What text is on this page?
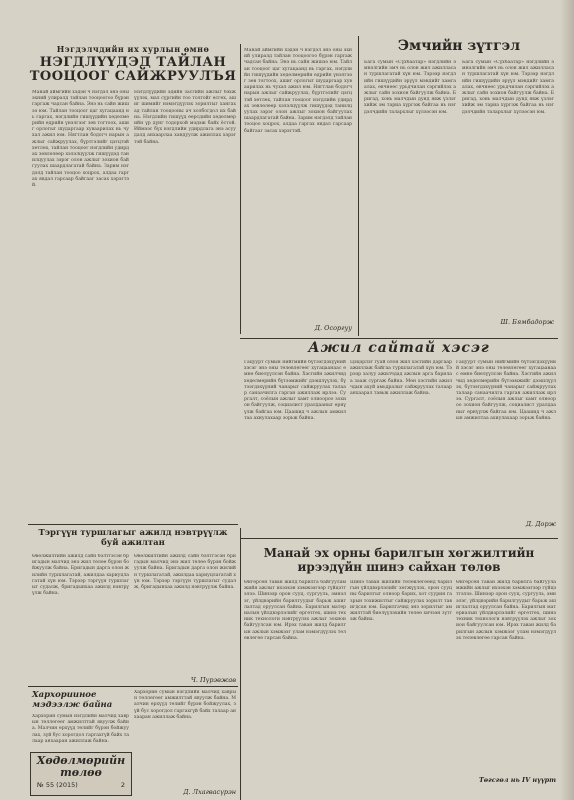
Нэгдэлчдийн их хурлын өмнө
НЭГДЛҮҮДЭД ТАЙЛАН
ТООЦООГ САЙЖРУУЛЪЯ
Манай аймгийн хэдэн ч нэгдэл энэ оны эхний улиралд тайлан тооцоогоо бүрэн гаргаж чадсан байна. Энэ нь сайн жишээ юм. Тайлан тооцоог цаг хугацаанд нь гаргах, нэгдлийн гишүүдийн хөдөлмөрийн өдрийн үнэлгээг зөв тогтоох, ашиг орлогыг шударгаар хуваарилах нь чухал ажил юм. Нягтлан бодогч нарын ажлыг сайжруулах, бүртгэлийг цэгцтэй хөтлөх, тайлан тооцоог нэгдлийн удирдах зөвлөлөөр хэлэлцүүлж гишүүдэд танилцуулах зэрэг олон ажлыг зохион байгуулах шаардлагатай байна. Зарим нэгдэлд тайлан тооцоо хоцрох, алдаа гаргах явдал гарсаар байгааг засах хэрэгтэй.
Нэгдлүүдийн эдийн засгийн ажлыг бэхжүүлэх, мал сүргийн тоо толгойг өсгөх, ашиг шимийг нэмэгдүүлэх зорилтыг хангахад тайлан тооцооны ач холбогдол их байна. Нэгдлийн гишүүд өөрсдийн хөдөлмөрийн үр дүнг тодорхой мэдэж байх ёстой. Иймээс бүх нэгдлийн удирдлага энэ асуудалд анхаарлаа хандуулж ажиллах хэрэгтэй байна.
Манай аймгийн хэдэн ч нэгдэл энэ оны эхний улиралд тайлан тооцоогоо бүрэн гаргаж чадсан байна. Энэ нь сайн жишээ юм. Тайлан тооцоог цаг хугацаанд нь гаргах, нэгдлийн гишүүдийн хөдөлмөрийн өдрийн үнэлгээг зөв тогтоох, ашиг орлогыг шударгаар хуваарилах нь чухал ажил юм. Нягтлан бодогч нарын ажлыг сайжруулах, бүртгэлийг цэгцтэй хөтлөх, тайлан тооцоог нэгдлийн удирдах зөвлөлөөр хэлэлцүүлж гишүүдэд танилцуулах зэрэг олон ажлыг зохион байгуулах шаардлагатай байна. Зарим нэгдэлд тайлан тооцоо хоцрох, алдаа гаргах явдал гарсаар байгааг засах хэрэгтэй.
Д. Осоргуу
Эмчийн зүтгэл
Бага сумын «Сүхбаатар» нэгдлийн эмнэлгийн эмч нь олон жил ажилласан туршлагатай хүн юм. Тэрээр нэгдлийн гишүүдийн эрүүл мэндийг хамгаалах, өвчнөөс урьдчилан сэргийлэх ажлыг сайн зохион байгуулж байна. Бригад, хонь малчдын дунд явж үзлэг хийж эм тариа хүргэж байгаа нь нэгдэлчдийн талархлыг хүлээсэн юм.
Бага сумын «Сүхбаатар» нэгдлийн эмнэлгийн эмч нь олон жил ажилласан туршлагатай хүн юм. Тэрээр нэгдлийн гишүүдийн эрүүл мэндийг хамгаалах, өвчнөөс урьдчилан сэргийлэх ажлыг сайн зохион байгуулж байна. Бригад, хонь малчдын дунд явж үзлэг хийж эм тариа хүргэж байгаа нь нэгдэлчдийн талархлыг хүлээсэн юм.
Ш. Бямбадорж
Ажил сайтай хэсэг
Гацуурт сумын нийгмийн бүтээгдэхүүний хэсэг энэ оны төлөвлөгөөг хугацаанаас өмнө биелүүлсэн байна. Хэсгийн ажилчид хөдөлмөрийн бүтээмжийг дээшлүүлэх, бүтээгдэхүүний чанарыг сайжруулах талаар санаачилга гарган ажиллаж ирлээ. Сургалт, соёлын ажлыг хамт олноороо зохион байгуулж, социалист уралдааныг өрнүүлж байгаа юм. Цаашид ч ажлын амжилтаа ахиулахаар зорьж байна.
Цэцэрлэг гуай олон жил хэсгийн даргаар ажиллаж байгаа туршлагатай хүн юм. Тэрээр залуу ажилчдад ажлын арга барилаа зааж сургаж байна. Мөн хэсгийн ажилчдын ахуй амьдралыг сайжруулах талаар анхаарал тавьж ажиллаж байна.
Гацуурт сумын нийгмийн бүтээгдэхүүний хэсэг энэ оны төлөвлөгөөг хугацаанаас өмнө биелүүлсэн байна. Хэсгийн ажилчид хөдөлмөрийн бүтээмжийг дээшлүүлэх, бүтээгдэхүүний чанарыг сайжруулах талаар санаачилга гарган ажиллаж ирлээ. Сургалт, соёлын ажлыг хамт олноороо зохион байгуулж, социалист уралдааныг өрнүүлж байгаа юм. Цаашид ч ажлын амжилтаа ахиулахаар зорьж байна.
Д. Дорж
Манай эх орны барилгын хөгжилтийн
ирээдүйн шинэ сайхан төлөв
Өнгөрсөн таван жилд барилга байгууламжийн ажлыг ихээхэн хэмжээгээр гүйцэтгэлээ. Шинээр орон сууц, сургууль, эмнэлэг, үйлдвэрийн барилгуудыг барьж ашиглалтад оруулсан байна. Барилгын материалын үйлдвэрлэлийг өргөтгөх, шинэ техник технологи нэвтрүүлэх ажлыг зохион байгуулсан юм. Ирэх таван жилд барилгын ажлын хэмжээг улам нэмэгдүүлэх төлөвлөгөө гарсан байна.
Шинэ таван жилийн төлөвлөгөөнд барилгын үйлдвэрлэлийг хөгжүүлэх, орон сууцны барилгыг олноор барих, хот суурин газрын тохижилтыг сайжруулах зорилт тавигдсан юм. Барилгачид энэ зорилтыг амжилттай биелүүлэхийн төлөө хичээн зүтгэж байна.
Өнгөрсөн таван жилд барилга байгууламжийн ажлыг ихээхэн хэмжээгээр гүйцэтгэлээ. Шинээр орон сууц, сургууль, эмнэлэг, үйлдвэрийн барилгуудыг барьж ашиглалтад оруулсан байна. Барилгын материалын үйлдвэрлэлийг өргөтгөх, шинэ техник технологи нэвтрүүлэх ажлыг зохион байгуулсан юм. Ирэх таван жилд барилгын ажлын хэмжээг улам нэмэгдүүлэх төлөвлөгөө гарсан байна.
Төгсгөл нь IV нүүрт
Тэргүүн туршлагыг ажилд нэвтрүүлж
буй ажилтан
Өвөлжилтийн ажилд сайн бэлтгэсэн бригадын малчид энэ жил төлөө бүрэн бойжуулж байна. Бригадын дарга олон жилийн туршлагатай, ажилдаа хариуцлагатай хүн юм. Тэрээр тэргүүн туршлагыг судалж, бригадынхаа ажилд нэвтрүүлж байна.
Өвөлжилтийн ажилд сайн бэлтгэсэн бригадын малчид энэ жил төлөө бүрэн бойжуулж байна. Бригадын дарга олон жилийн туршлагатай, ажилдаа хариуцлагатай хүн юм. Тэрээр тэргүүн туршлагыг судалж, бригадынхаа ажилд нэвтрүүлж байна.
Ч. Пүрэвжав
Хархорииное мэдээлж байна
Хархорин сумын нэгдлийн малчид хаврын төллөгөөг амжилттай явуулж байна. Малчин өрхүүд төлийг бүрэн бойжуулах, зүй бус хорогдол гаргахгүй байх талаар анхааран ажиллаж байна.
Хархорин сумын нэгдлийн малчид хаврын төллөгөөг амжилттай явуулж байна. Малчин өрхүүд төлийг бүрэн бойжуулах, зүй бус хорогдол гаргахгүй байх талаар анхааран ажиллаж байна.
Д. Лхагвасүрэн
Хөдөлмөрийн
төлөө
№ 55 (2015)	2
